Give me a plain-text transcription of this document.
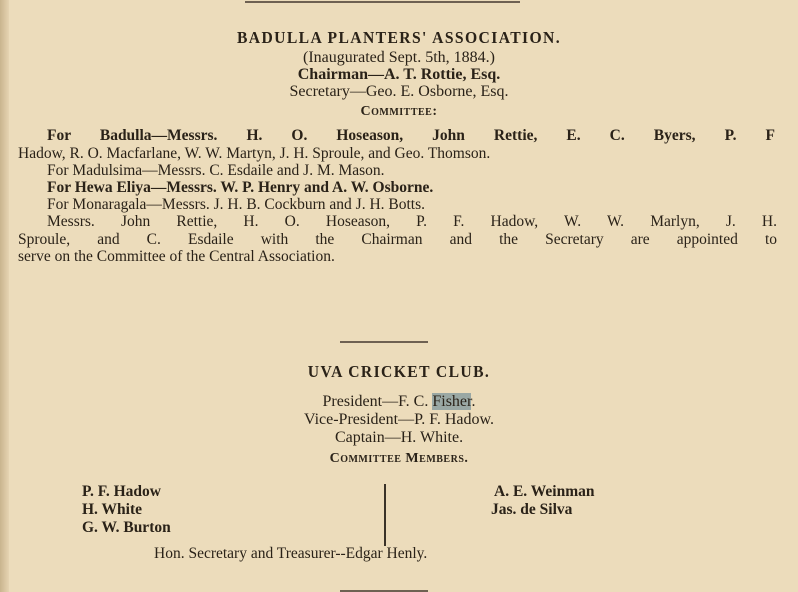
BADULLA PLANTERS' ASSOCIATION.
(Inaugurated Sept. 5th, 1884.)
Chairman—A. T. Rottie, Esq.
Secretary—Geo. E. Osborne, Esq.
Committee:
For Badulla—Messrs. H. O. Hoseason, John Rettie, E. C. Byers, P. F
Hadow, R. O. Macfarlane, W. W. Martyn, J. H. Sproule, and Geo. Thomson.
For Madulsima—Messrs. C. Esdaile and J. M. Mason.
For Hewa Eliya—Messrs. W. P. Henry and A. W. Osborne.
For Monaragala—Messrs. J. H. B. Cockburn and J. H. Botts.
Messrs. John Rettie, H. O. Hoseason, P. F. Hadow, W. W. Marlyn, J. H.
Sproule, and C. Esdaile with the Chairman and the Secretary are appointed to
serve on the Committee of the Central Association.
UVA CRICKET CLUB.
President—F. C. Fisher.
Vice-President—P. F. Hadow.
Captain—H. White.
Committee Members.
P. F. Hadow
H. White
G. W. Burton
A. E. Weinman
Jas. de Silva
Hon. Secretary and Treasurer--Edgar Henly.
